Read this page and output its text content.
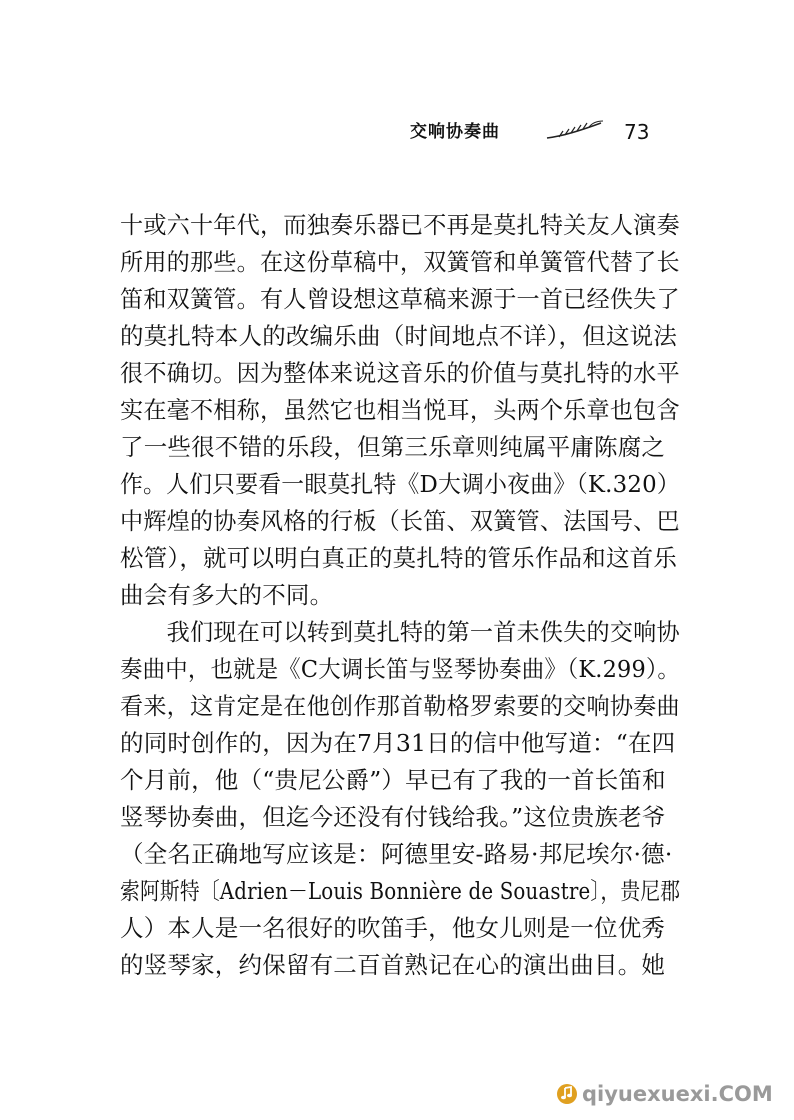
交响协奏曲	73
十或六十年代，而独奏乐器已不再是莫扎特关友人演奏
所用的那些。在这份草稿中，双簧管和单簧管代替了长
笛和双簧管。有人曾设想这草稿来源于一首已经佚失了
的莫扎特本人的改编乐曲（时间地点不详），但这说法
很不确切。因为整体来说这音乐的价值与莫扎特的水平
实在毫不相称，虽然它也相当悦耳，头两个乐章也包含
了一些很不错的乐段，但第三乐章则纯属平庸陈腐之
作。人们只要看一眼莫扎特《D大调小夜曲》（K.320）
中辉煌的协奏风格的行板（长笛、双簧管、法国号、巴
松管），就可以明白真正的莫扎特的管乐作品和这首乐
曲会有多大的不同。
　　我们现在可以转到莫扎特的第一首未佚失的交响协
奏曲中，也就是《C大调长笛与竖琴协奏曲》（K.299）。
看来，这肯定是在他创作那首勒格罗索要的交响协奏曲
的同时创作的，因为在7月31日的信中他写道：“在四
个月前，他（“贵尼公爵”）早已有了我的一首长笛和
竖琴协奏曲，但迄今还没有付钱给我。”这位贵族老爷
（全名正确地写应该是：阿德里安-路易·邦尼埃尔·德·
索阿斯特〔Adrien－Louis Bonnière de Souastre〕，贵尼郡
人）本人是一名很好的吹笛手，他女儿则是一位优秀
的竖琴家，约保留有二百首熟记在心的演出曲目。她
qiyuexuexi.COM
